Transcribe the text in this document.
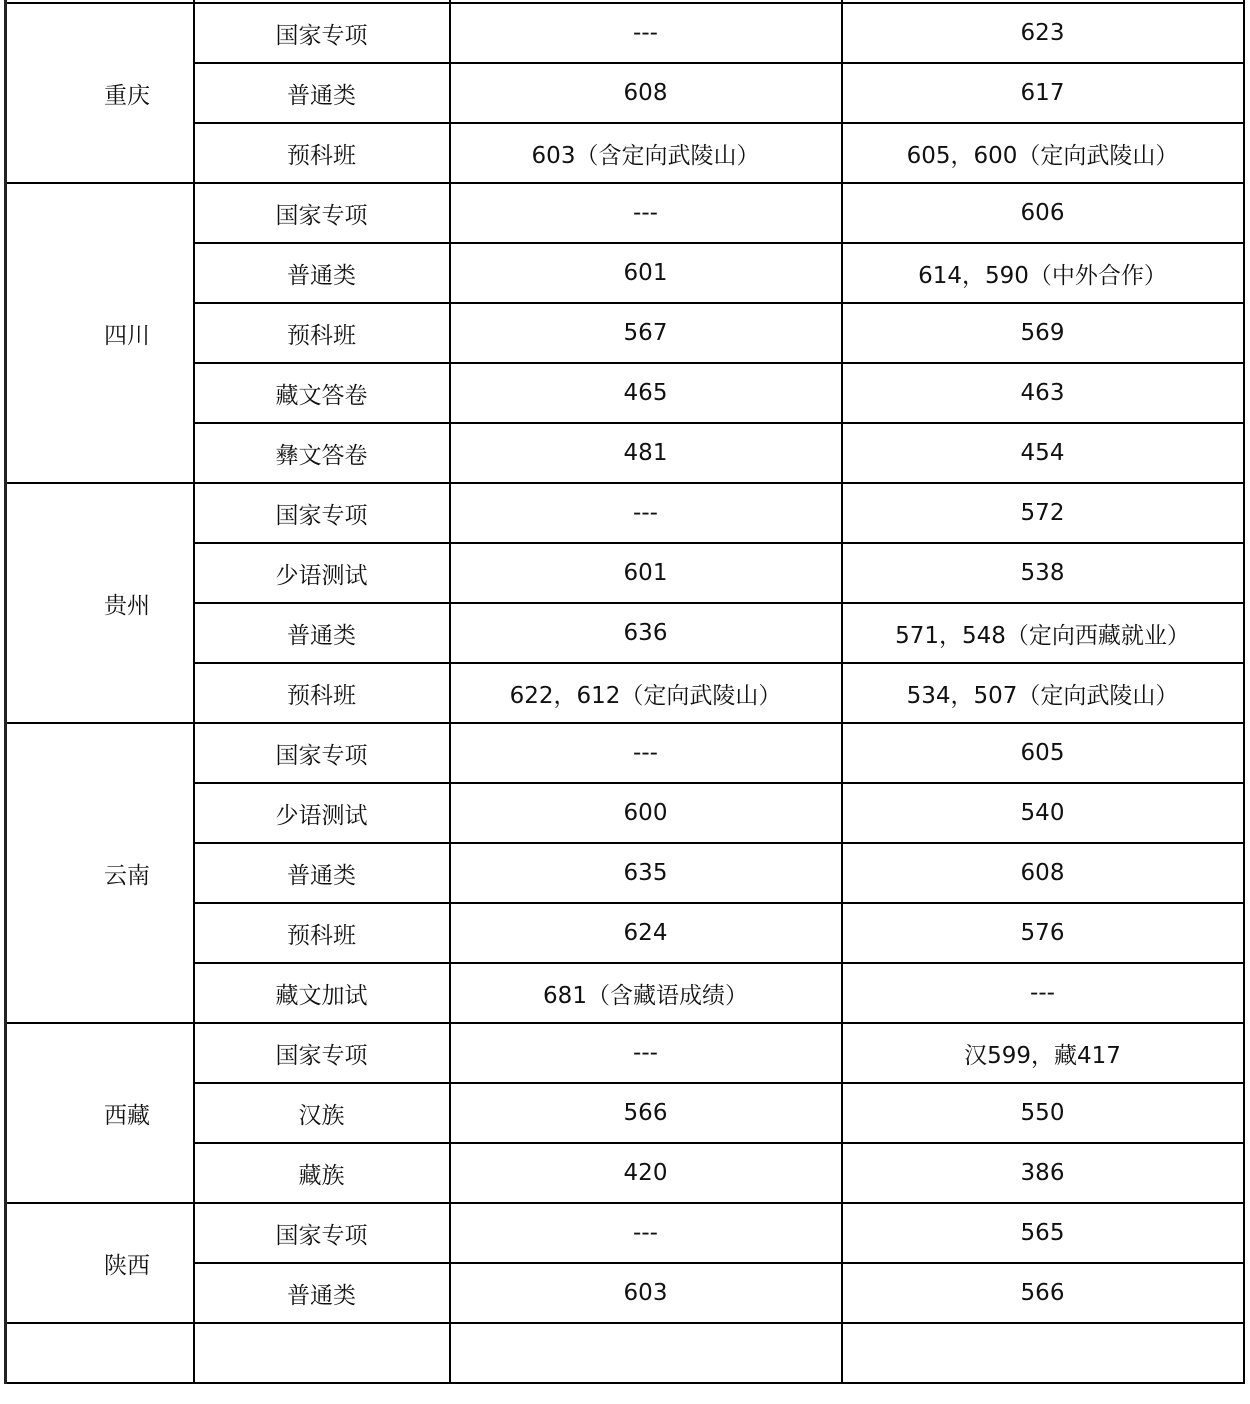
重庆	国家专项	---	623
	普通类	608	617
	预科班	603（含定向武陵山）	605，600（定向武陵山）
四川	国家专项	---	606
	普通类	601	614，590（中外合作）
	预科班	567	569
	藏文答卷	465	463
	彝文答卷	481	454
贵州	国家专项	---	572
	少语测试	601	538
	普通类	636	571，548（定向西藏就业）
	预科班	622，612（定向武陵山）	534，507（定向武陵山）
云南	国家专项	---	605
	少语测试	600	540
	普通类	635	608
	预科班	624	576
	藏文加试	681（含藏语成绩）	---
西藏	国家专项	---	汉599，藏417
	汉族	566	550
	藏族	420	386
陕西	国家专项	---	565
	普通类	603	566
